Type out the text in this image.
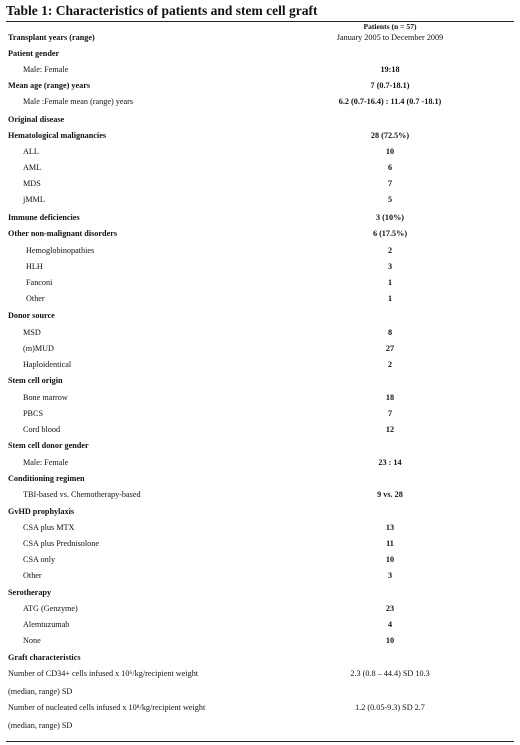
Table 1: Characteristics of patients and stem cell graft
Patients (n = 57)
Transplant years (range)	January 2005 to December 2009
Patient gender
Male: Female	19:18
Mean age (range) years	7 (0.7-18.1)
Male :Female mean (range) years	6.2 (0.7-16.4) : 11.4 (0.7 -18.1)
Original disease
Hematological malignancies	28 (72.5%)
ALL	10
AML	6
MDS	7
jMML	5
Immune deficiencies	3 (10%)
Other non-malignant disorders	6 (17.5%)
Hemoglobinopathies	2
HLH	3
Fanconi	1
Other	1
Donor source
MSD	8
(m)MUD	27
Haploidentical	2
Stem cell origin
Bone marrow	18
PBCS	7
Cord blood	12
Stem cell donor gender
Male: Female	23 : 14
Conditioning regimen
TBI-based vs. Chemotherapy-based	9 vs. 28
GvHD prophylaxis
CSA plus MTX	13
CSA plus Prednisolone	11
CSA only	10
Other	3
Serotherapy
ATG (Genzyme)	23
Alemtuzumab	4
None	10
Graft characteristics
Number of CD34+ cells infused x 10⁶/kg/recipient weight	2.3 (0.8 – 44.4) SD 10.3
(median, range) SD
Number of nucleated cells infused x 10⁸/kg/recipient weight	1.2 (0.05-9.3) SD 2.7
(median, range) SD
